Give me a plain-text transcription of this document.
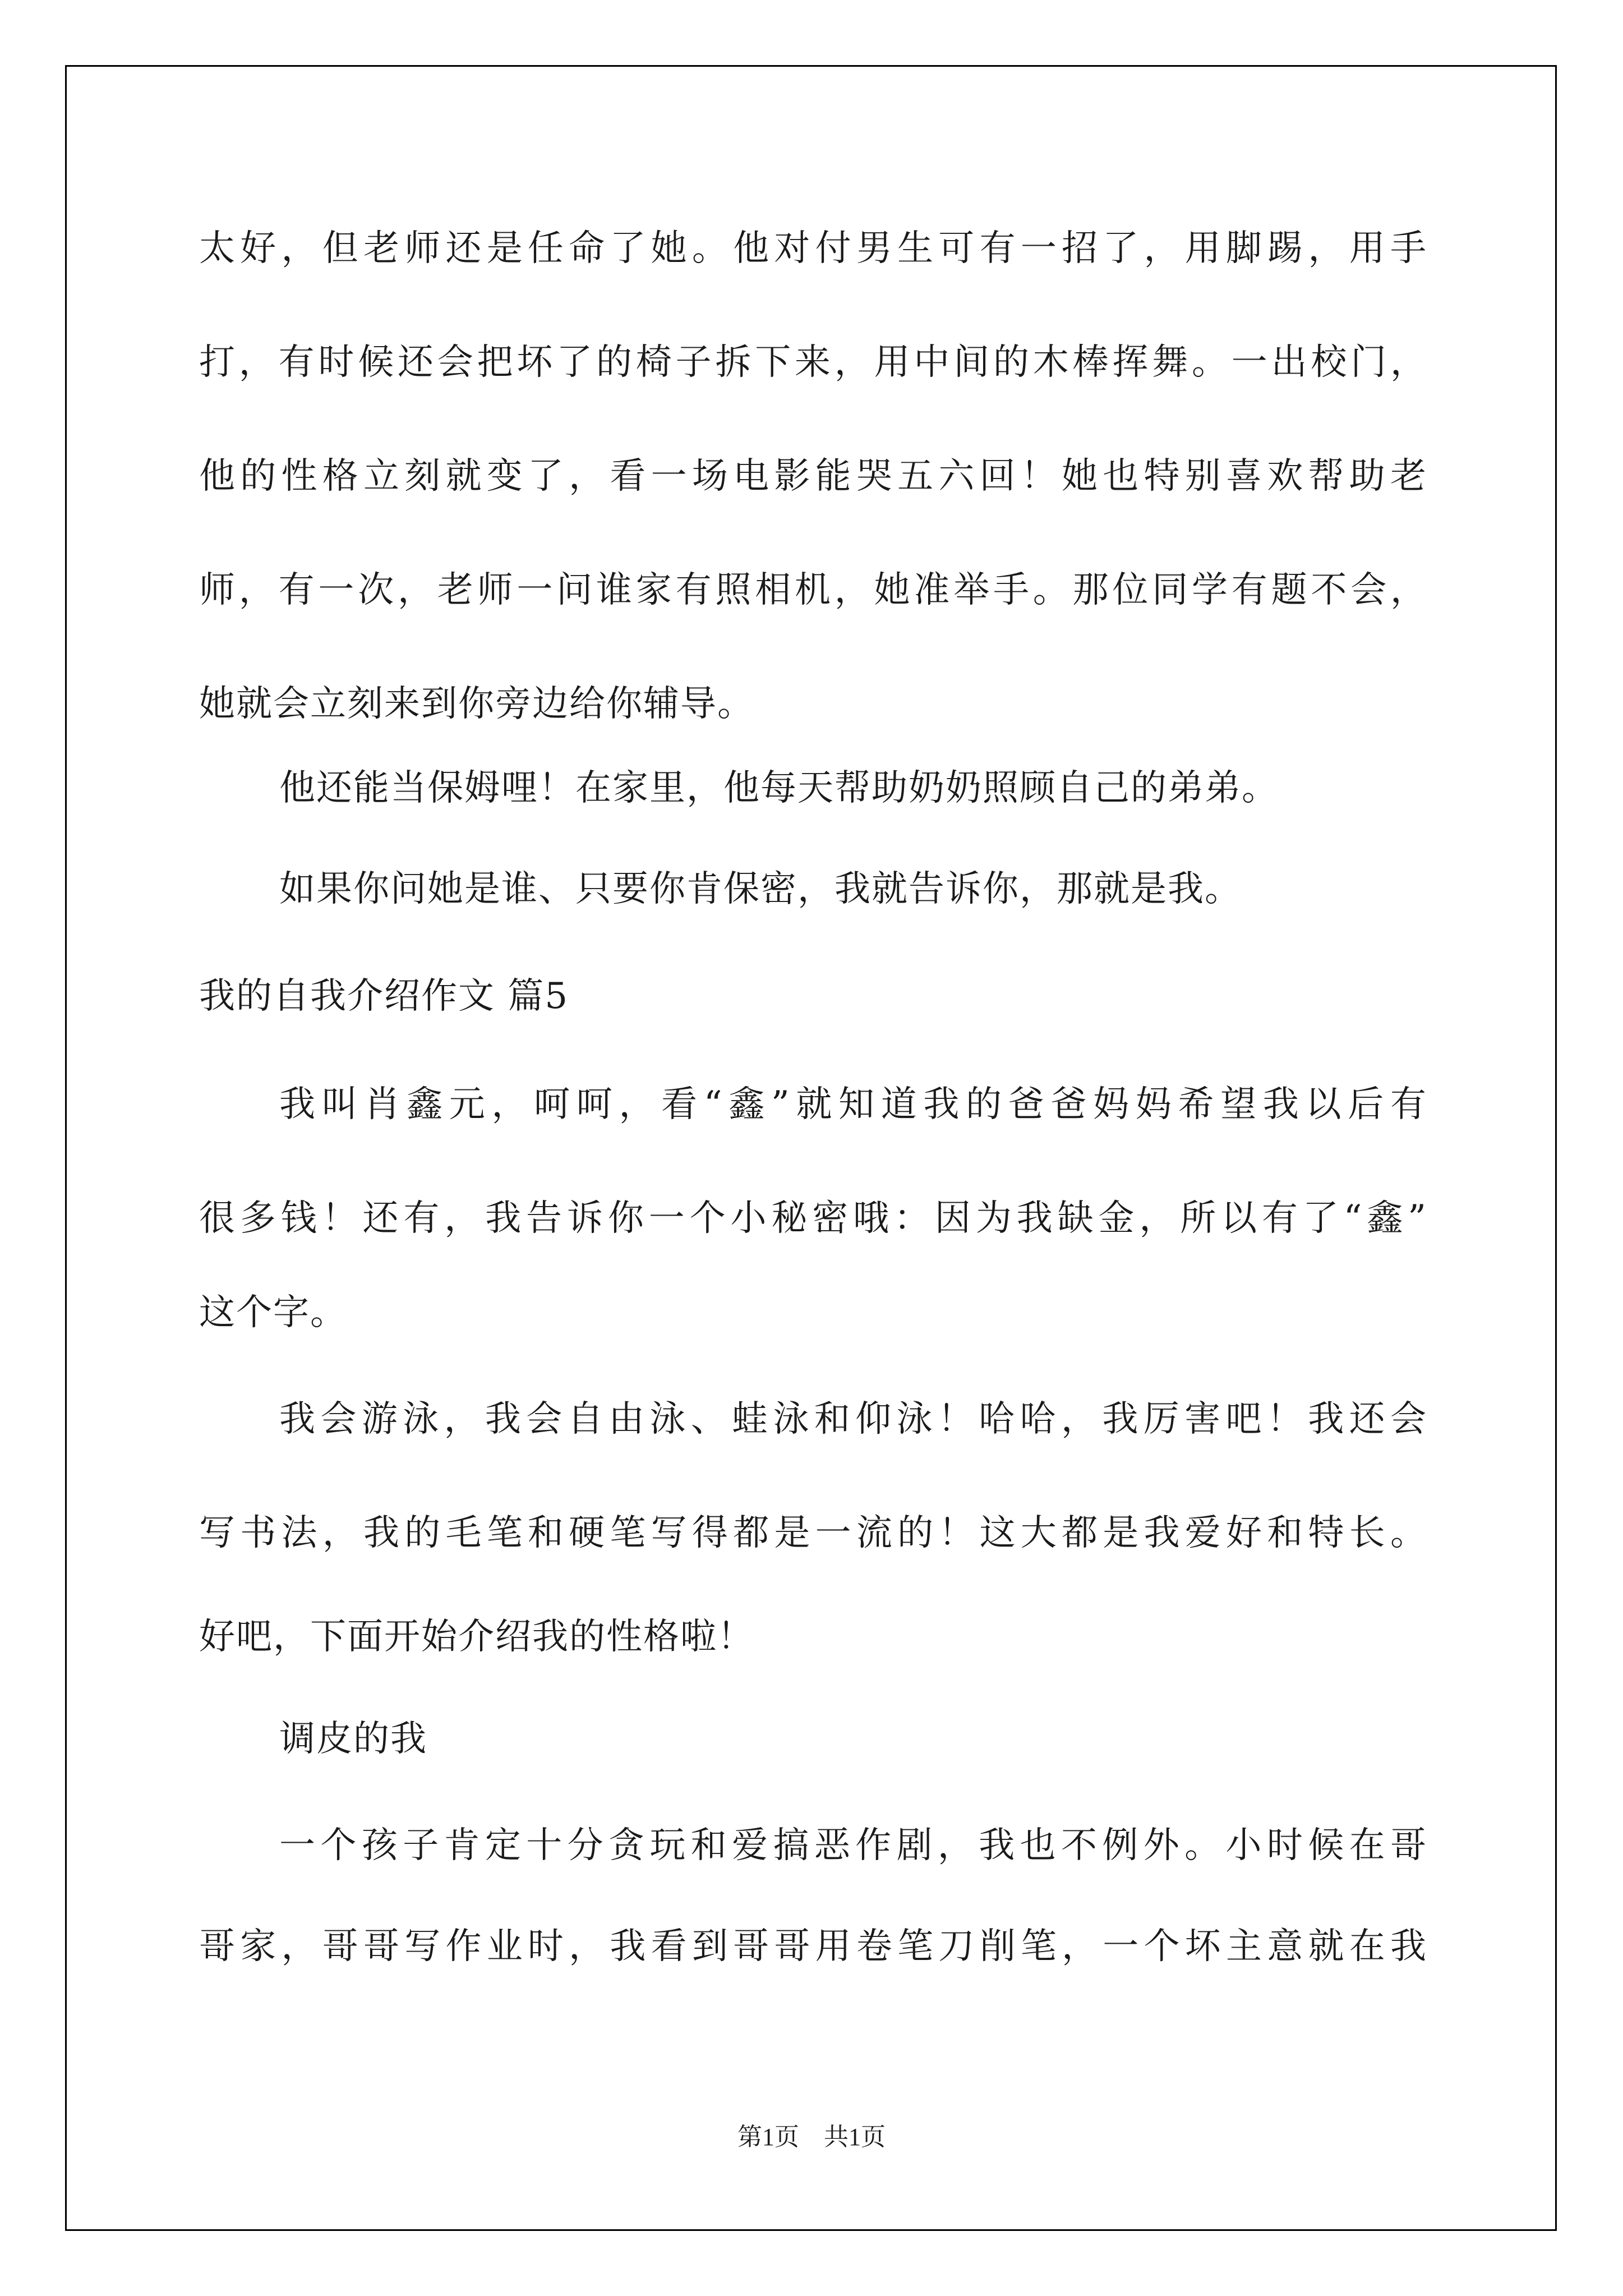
太好，但老师还是任命了她。他对付男生可有一招了，用脚踢，用手
打，有时候还会把坏了的椅子拆下来，用中间的木棒挥舞。一出校门，
他的性格立刻就变了，看一场电影能哭五六回！她也特别喜欢帮助老
师，有一次，老师一问谁家有照相机，她准举手。那位同学有题不会，
她就会立刻来到你旁边给你辅导。
他还能当保姆哩！在家里，他每天帮助奶奶照顾自己的弟弟。
如果你问她是谁、只要你肯保密，我就告诉你，那就是我。
我的自我介绍作文 篇5
我叫肖鑫元，呵呵，看“鑫”就知道我的爸爸妈妈希望我以后有
很多钱！还有，我告诉你一个小秘密哦：因为我缺金，所以有了“鑫”
这个字。
我会游泳，我会自由泳、蛙泳和仰泳！哈哈，我厉害吧！我还会
写书法，我的毛笔和硬笔写得都是一流的！这大都是我爱好和特长。
好吧，下面开始介绍我的性格啦！
调皮的我
一个孩子肯定十分贪玩和爱搞恶作剧，我也不例外。小时候在哥
哥家，哥哥写作业时，我看到哥哥用卷笔刀削笔，一个坏主意就在我
第1页　共1页
